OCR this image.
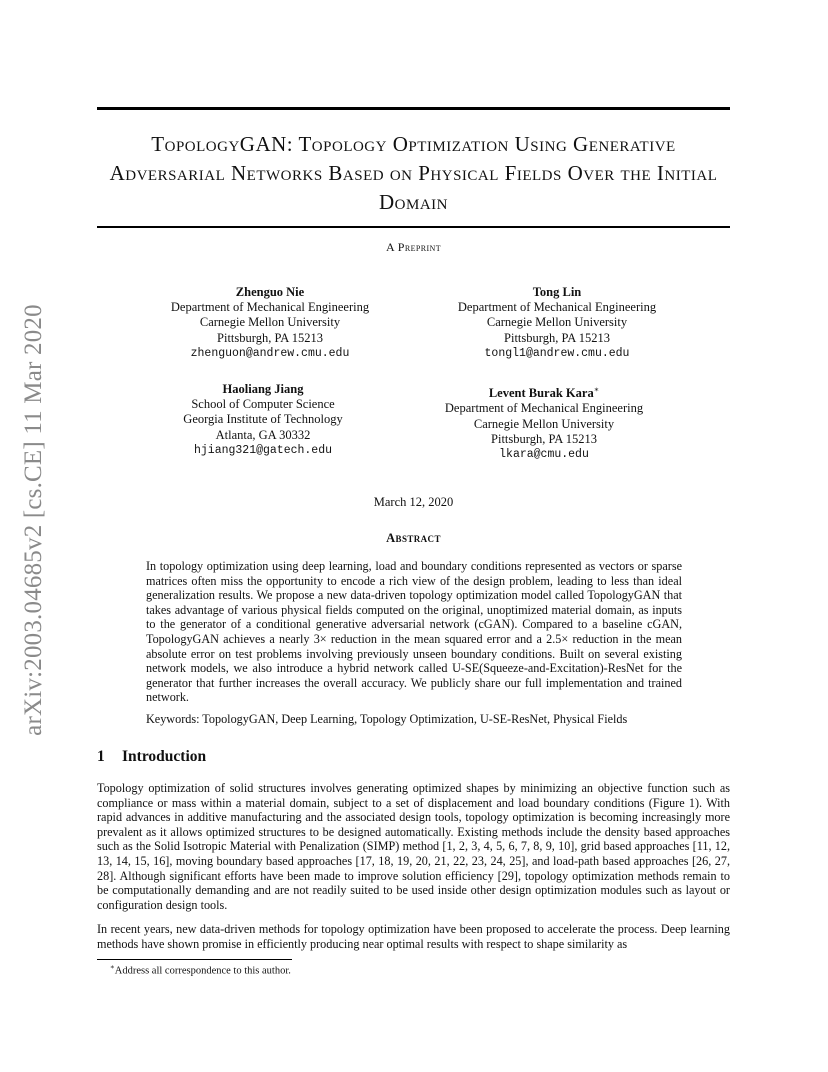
arXiv:2003.04685v2 [cs.CE] 11 Mar 2020
TopologyGAN: Topology Optimization Using Generative Adversarial Networks Based on Physical Fields Over the Initial Domain
A Preprint
Zhenguo Nie
Department of Mechanical Engineering
Carnegie Mellon University
Pittsburgh, PA 15213
zhenguon@andrew.cmu.edu
Tong Lin
Department of Mechanical Engineering
Carnegie Mellon University
Pittsburgh, PA 15213
tongl1@andrew.cmu.edu
Haoliang Jiang
School of Computer Science
Georgia Institute of Technology
Atlanta, GA 30332
hjiang321@gatech.edu
Levent Burak Kara∗
Department of Mechanical Engineering
Carnegie Mellon University
Pittsburgh, PA 15213
lkara@cmu.edu
March 12, 2020
Abstract

In topology optimization using deep learning, load and boundary conditions represented as vectors or sparse matrices often miss the opportunity to encode a rich view of the design problem, leading to less than ideal generalization results. We propose a new data-driven topology optimization model called TopologyGAN that takes advantage of various physical fields computed on the original, unoptimized material domain, as inputs to the generator of a conditional generative adversarial network (cGAN). Compared to a baseline cGAN, TopologyGAN achieves a nearly 3× reduction in the mean squared error and a 2.5× reduction in the mean absolute error on test problems involving previously unseen boundary conditions. Built on several existing network models, we also introduce a hybrid network called U-SE(Squeeze-and-Excitation)-ResNet for the generator that further increases the overall accuracy. We publicly share our full implementation and trained network.

Keywords: TopologyGAN, Deep Learning, Topology Optimization, U-SE-ResNet, Physical Fields
1 Introduction

Topology optimization of solid structures involves generating optimized shapes by minimizing an objective function such as compliance or mass within a material domain, subject to a set of displacement and load boundary conditions (Figure 1). With rapid advances in additive manufacturing and the associated design tools, topology optimization is becoming increasingly more prevalent as it allows optimized structures to be designed automatically. Existing methods include the density based approaches such as the Solid Isotropic Material with Penalization (SIMP) method [1, 2, 3, 4, 5, 6, 7, 8, 9, 10], grid based approaches [11, 12, 13, 14, 15, 16], moving boundary based approaches [17, 18, 19, 20, 21, 22, 23, 24, 25], and load-path based approaches [26, 27, 28]. Although significant efforts have been made to improve solution efficiency [29], topology optimization methods remain to be computationally demanding and are not readily suited to be used inside other design optimization modules such as layout or configuration design tools.

In recent years, new data-driven methods for topology optimization have been proposed to accelerate the process. Deep learning methods have shown promise in efficiently producing near optimal results with respect to shape similarity as

∗Address all correspondence to this author.
